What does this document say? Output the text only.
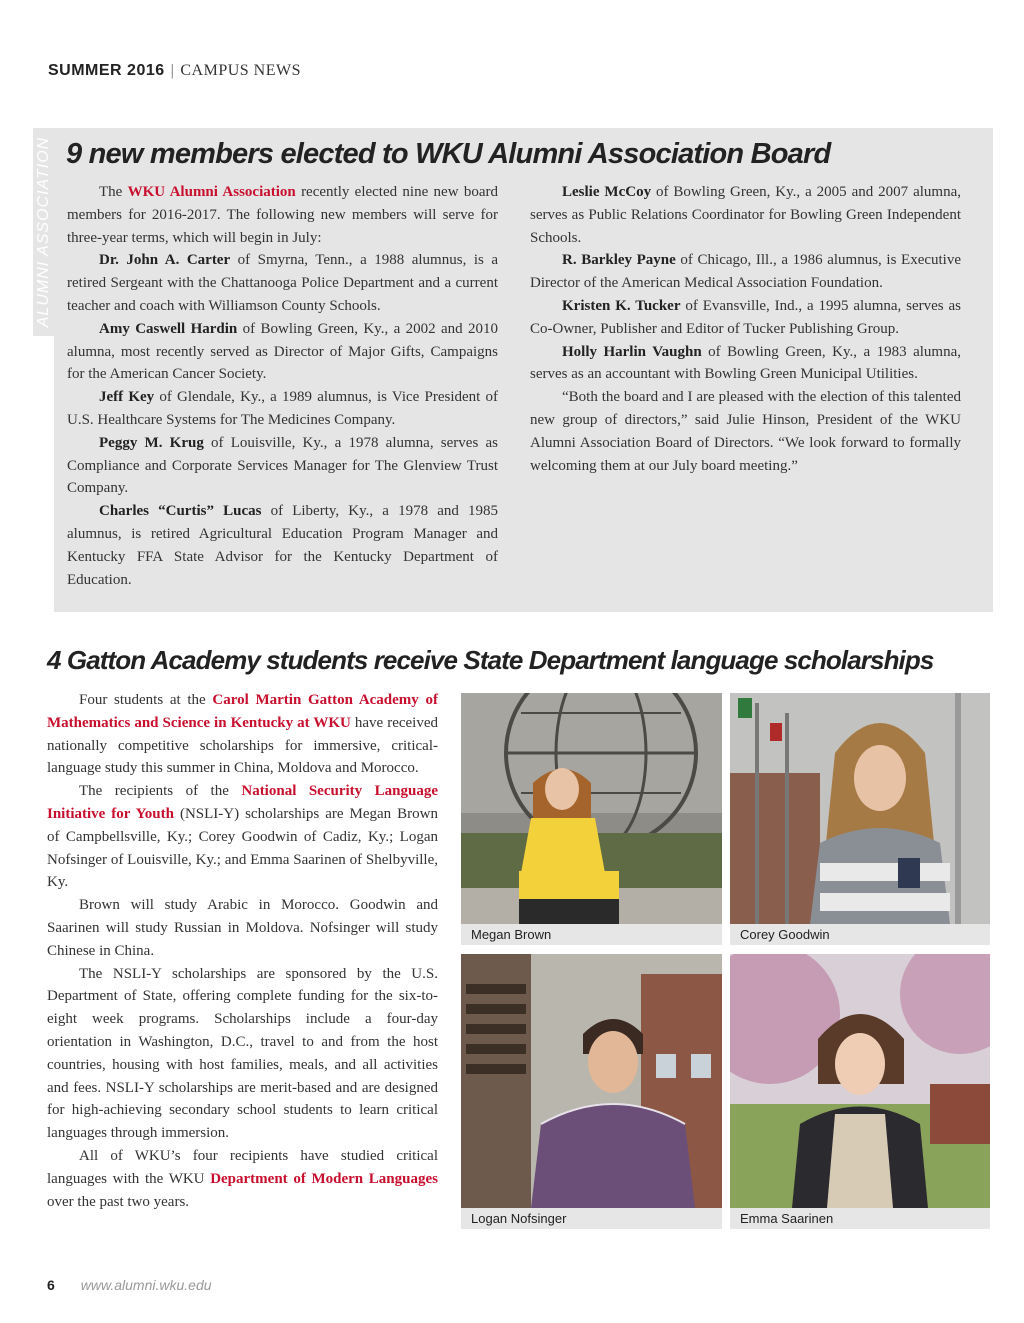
SUMMER 2016 | CAMPUS NEWS
ALUMNI ASSOCIATION 9 new members elected to WKU Alumni Association Board

The WKU Alumni Association recently elected nine new board members for 2016-2017. The following new members will serve for three-year terms, which will begin in July:

Dr. John A. Carter of Smyrna, Tenn., a 1988 alumnus, is a retired Sergeant with the Chattanooga Police Department and a current teacher and coach with Williamson County Schools.

Amy Caswell Hardin of Bowling Green, Ky., a 2002 and 2010 alumna, most recently served as Director of Major Gifts, Campaigns for the American Cancer Society.

Jeff Key of Glendale, Ky., a 1989 alumnus, is Vice President of U.S. Healthcare Systems for The Medicines Company.

Peggy M. Krug of Louisville, Ky., a 1978 alumna, serves as Compliance and Corporate Services Manager for The Glenview Trust Company.

Charles “Curtis” Lucas of Liberty, Ky., a 1978 and 1985 alumnus, is retired Agricultural Education Program Manager and Kentucky FFA State Advisor for the Kentucky Department of Education.

Leslie McCoy of Bowling Green, Ky., a 2005 and 2007 alumna, serves as Public Relations Coordinator for Bowling Green Independent Schools.

R. Barkley Payne of Chicago, Ill., a 1986 alumnus, is Executive Director of the American Medical Association Foundation.

Kristen K. Tucker of Evansville, Ind., a 1995 alumna, serves as Co-Owner, Publisher and Editor of Tucker Publishing Group.

Holly Harlin Vaughn of Bowling Green, Ky., a 1983 alumna, serves as an accountant with Bowling Green Municipal Utilities.

“Both the board and I are pleased with the election of this talented new group of directors,” said Julie Hinson, President of the WKU Alumni Association Board of Directors. “We look forward to formally welcoming them at our July board meeting.”

4 Gatton Academy students receive State Department language scholarships

Four students at the Carol Martin Gatton Academy of Mathematics and Science in Kentucky at WKU have received nationally competitive scholarships for immersive, critical-language study this summer in China, Moldova and Morocco.

The recipients of the National Security Language Initiative for Youth (NSLI-Y) scholarships are Megan Brown of Campbellsville, Ky.; Corey Goodwin of Cadiz, Ky.; Logan Nofsinger of Louisville, Ky.; and Emma Saarinen of Shelbyville, Ky.

Brown will study Arabic in Morocco. Goodwin and Saarinen will study Russian in Moldova. Nofsinger will study Chinese in China.

The NSLI-Y scholarships are sponsored by the U.S. Department of State, offering complete funding for the six-to-eight week programs. Scholarships include a four-day orientation in Washington, D.C., travel to and from the host countries, housing with host families, meals, and all activities and fees. NSLI-Y scholarships are merit-based and are designed for high-achieving secondary school students to learn critical languages through immersion.

All of WKU’s four recipients have studied critical languages with the WKU Department of Modern Languages over the past two years.

Megan Brown	Corey Goodwin
Logan Nofsinger	Emma Saarinen
6 www.alumni.wku.edu
